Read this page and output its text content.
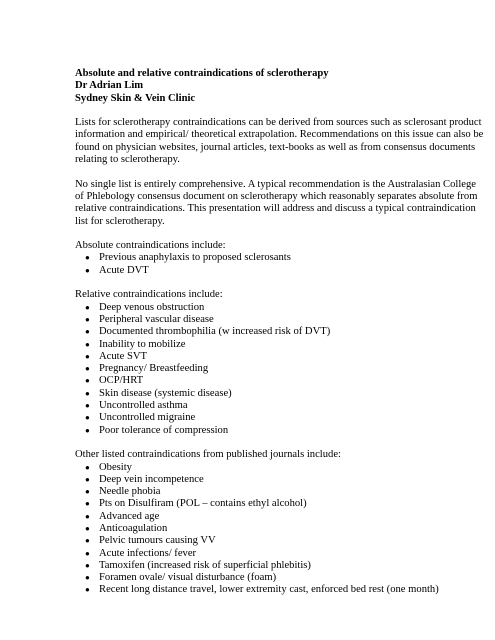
Absolute and relative contraindications of sclerotherapy
Dr Adrian Lim
Sydney Skin & Vein Clinic

Lists for sclerotherapy contraindications can be derived from sources such as sclerosant product information and empirical/ theoretical extrapolation. Recommendations on this issue can also be found on physician websites, journal articles, text-books as well as from consensus documents relating to sclerotherapy.

No single list is entirely comprehensive. A typical recommendation is the Australasian College of Phlebology consensus document on sclerotherapy which reasonably separates absolute from relative contraindications. This presentation will address and discuss a typical contraindication list for sclerotherapy.

Absolute contraindications include:

● Previous anaphylaxis to proposed sclerosants
● Acute DVT

Relative contraindications include:

● Deep venous obstruction
● Peripheral vascular disease
● Documented thrombophilia (w increased risk of DVT)
● Inability to mobilize
● Acute SVT
● Pregnancy/ Breastfeeding
● OCP/HRT
● Skin disease (systemic disease)
● Uncontrolled asthma
● Uncontrolled migraine
● Poor tolerance of compression

Other listed contraindications from published journals include:

● Obesity
● Deep vein incompetence
● Needle phobia
● Pts on Disulfiram (POL – contains ethyl alcohol)
● Advanced age
● Anticoagulation
● Pelvic tumours causing VV
● Acute infections/ fever
● Tamoxifen (increased risk of superficial phlebitis)
● Foramen ovale/ visual disturbance (foam)
● Recent long distance travel, lower extremity cast, enforced bed rest (one month)
